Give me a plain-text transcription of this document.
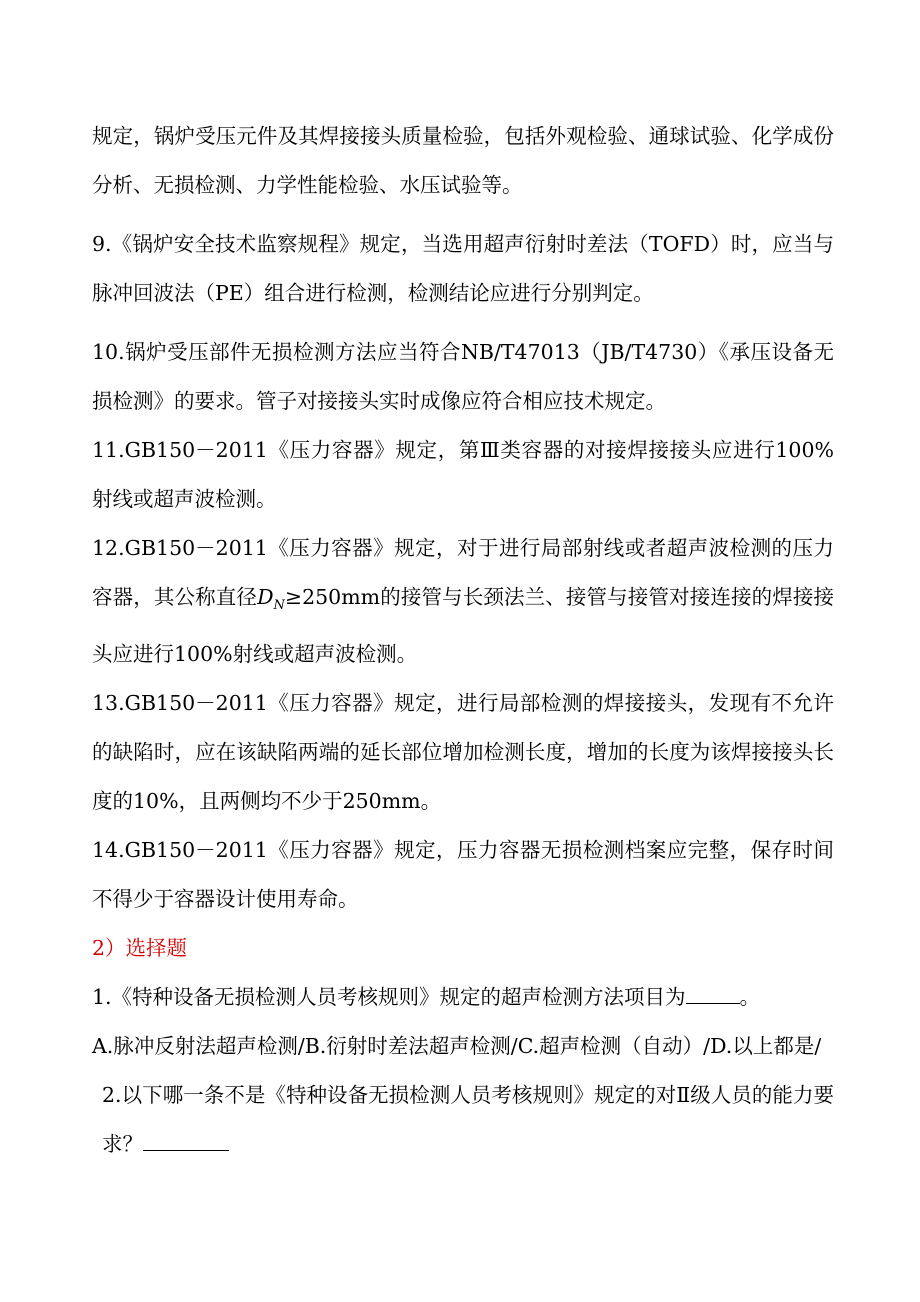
规定，锅炉受压元件及其焊接接头质量检验，包括外观检验、通球试验、化学成份分析、无损检测、力学性能检验、水压试验等。

9.《锅炉安全技术监察规程》规定，当选用超声衍射时差法（TOFD）时，应当与脉冲回波法（PE）组合进行检测，检测结论应进行分别判定。

10.锅炉受压部件无损检测方法应当符合NB/T47013（JB/T4730）《承压设备无损检测》的要求。管子对接接头实时成像应符合相应技术规定。

11.GB150－2011《压力容器》规定，第Ⅲ类容器的对接焊接接头应进行100%射线或超声波检测。

12.GB150－2011《压力容器》规定，对于进行局部射线或者超声波检测的压力容器，其公称直径$D_N\ge 250mm$的接管与长颈法兰、接管与接管对接连接的焊接接头应进行100%射线或超声波检测。

13.GB150－2011《压力容器》规定，进行局部检测的焊接接头，发现有不允许的缺陷时，应在该缺陷两端的延长部位增加检测长度，增加的长度为该焊接接头长度的10%，且两侧均不少于250mm。

14.GB150－2011《压力容器》规定，压力容器无损检测档案应完整，保存时间不得少于容器设计使用寿命。

2）选择题

1.《特种设备无损检测人员考核规则》规定的超声检测方法项目为	。

A.脉冲反射法超声检测/B.衍射时差法超声检测/C.超声检测（自动）/D.以上都是/

2.以下哪一条不是《特种设备无损检测人员考核规则》规定的对Ⅱ级人员的能力要求？
